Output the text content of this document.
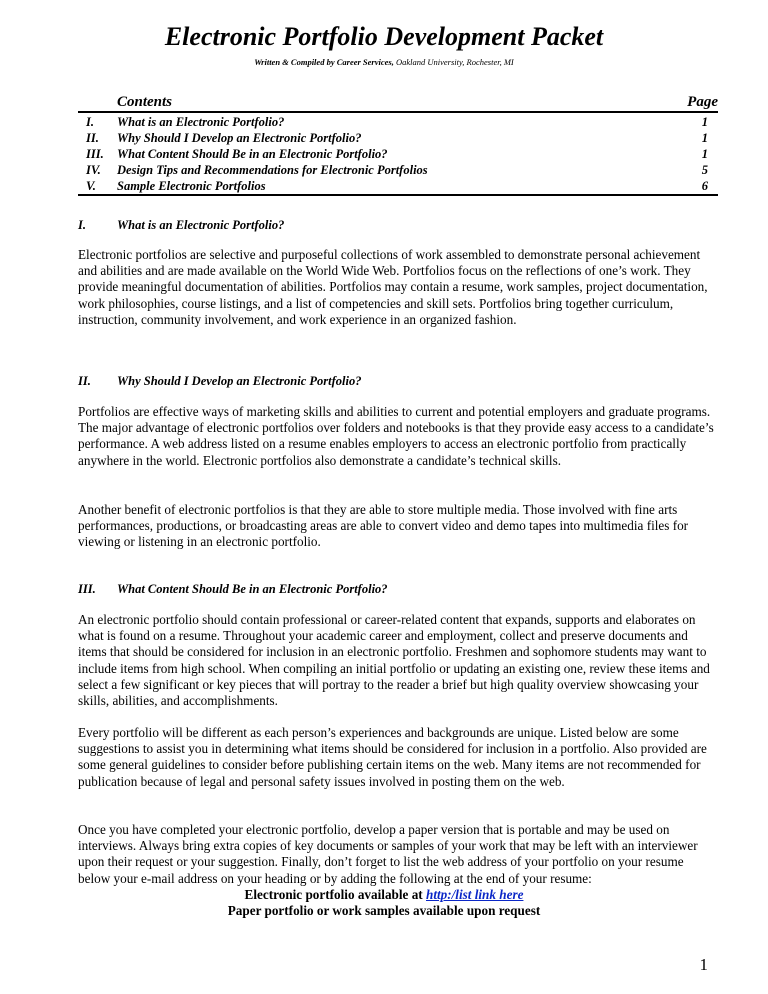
Electronic Portfolio Development Packet
Written & Compiled by Career Services, Oakland University, Rochester, MI
Contents	Page
I.	What is an Electronic Portfolio?	1
II.	Why Should I Develop an Electronic Portfolio?	1
III.	What Content Should Be in an Electronic Portfolio?	1
IV.	Design Tips and Recommendations for Electronic Portfolios	5
V.	Sample Electronic Portfolios	6
I. What is an Electronic Portfolio?
Electronic portfolios are selective and purposeful collections of work assembled to demonstrate personal achievement and abilities and are made available on the World Wide Web. Portfolios focus on the reflections of one’s work. They provide meaningful documentation of abilities. Portfolios may contain a resume, work samples, project documentation, work philosophies, course listings, and a list of competencies and skill sets. Portfolios bring together curriculum, instruction, community involvement, and work experience in an organized fashion.
II. Why Should I Develop an Electronic Portfolio?
Portfolios are effective ways of marketing skills and abilities to current and potential employers and graduate programs. The major advantage of electronic portfolios over folders and notebooks is that they provide easy access to a candidate’s performance. A web address listed on a resume enables employers to access an electronic portfolio from practically anywhere in the world. Electronic portfolios also demonstrate a candidate’s technical skills.
Another benefit of electronic portfolios is that they are able to store multiple media. Those involved with fine arts performances, productions, or broadcasting areas are able to convert video and demo tapes into multimedia files for viewing or listening in an electronic portfolio.
III. What Content Should Be in an Electronic Portfolio?
An electronic portfolio should contain professional or career-related content that expands, supports and elaborates on what is found on a resume. Throughout your academic career and employment, collect and preserve documents and items that should be considered for inclusion in an electronic portfolio. Freshmen and sophomore students may want to include items from high school. When compiling an initial portfolio or updating an existing one, review these items and select a few significant or key pieces that will portray to the reader a brief but high quality overview showcasing your skills, abilities, and accomplishments.
Every portfolio will be different as each person’s experiences and backgrounds are unique. Listed below are some suggestions to assist you in determining what items should be considered for inclusion in a portfolio. Also provided are some general guidelines to consider before publishing certain items on the web. Many items are not recommended for publication because of legal and personal safety issues involved in posting them on the web.
Once you have completed your electronic portfolio, develop a paper version that is portable and may be used on interviews. Always bring extra copies of key documents or samples of your work that may be left with an interviewer upon their request or your suggestion. Finally, don’t forget to list the web address of your portfolio on your resume below your e-mail address on your heading or by adding the following at the end of your resume:
Electronic portfolio available at http:/list link here
Paper portfolio or work samples available upon request
1
